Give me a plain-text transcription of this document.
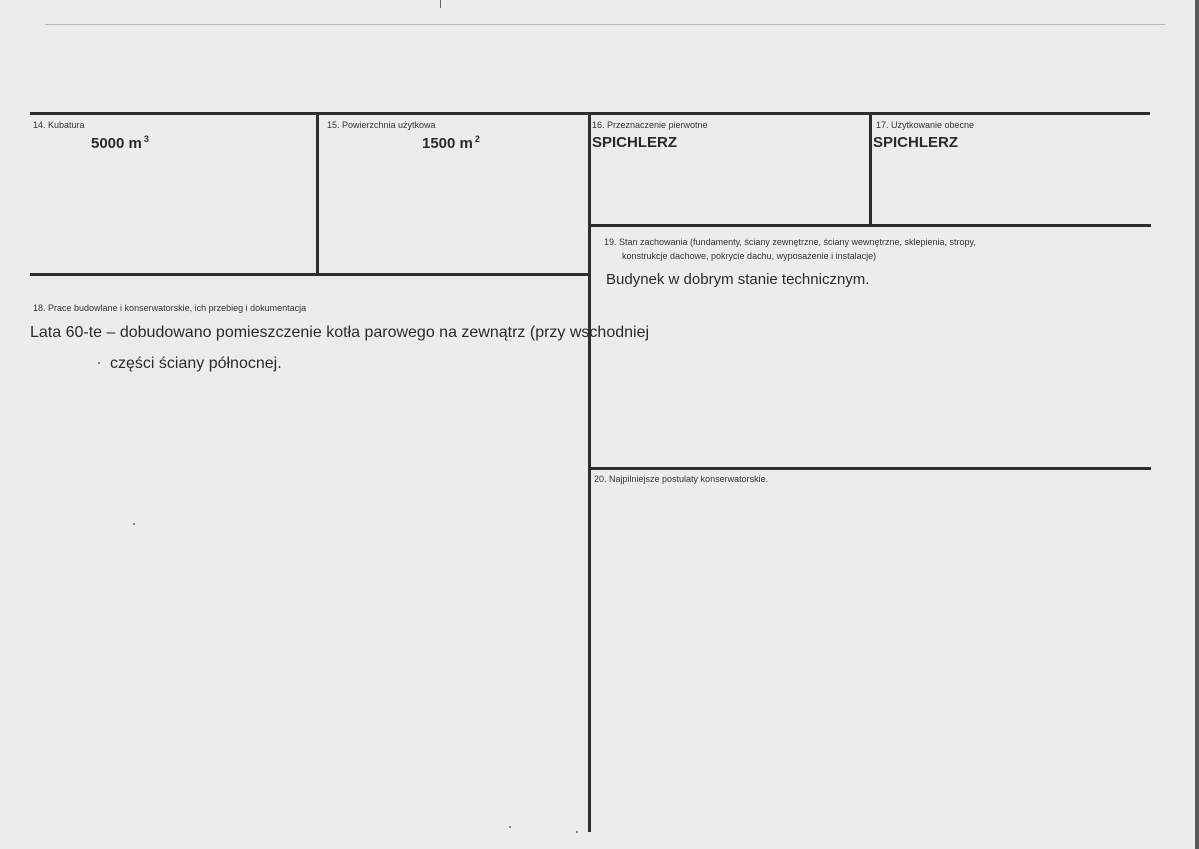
14. Kubatura
5000 m $^3$
15. Powierzchnia użytkowa
1500 m $^2$
16. Przeznaczenie pierwotne
SPICHLERZ
17. Użytkowanie obecne
SPICHLERZ
19. Stan zachowania (fundamenty, ściany zewnętrzne, ściany wewnętrzne, sklepienia, stropy,
konstrukcje dachowe, pokrycie dachu, wyposażenie i instalacje)
Budynek w dobrym stanie technicznym.
18. Prace budowlane i konserwatorskie, ich przebieg i dokumentacja
Lata 60-te – dobudowano pomieszczenie kotła parowego na zewnątrz (przy wschodniej
części ściany północnej.
20. Najpilniejsze postulaty konserwatorskie.
